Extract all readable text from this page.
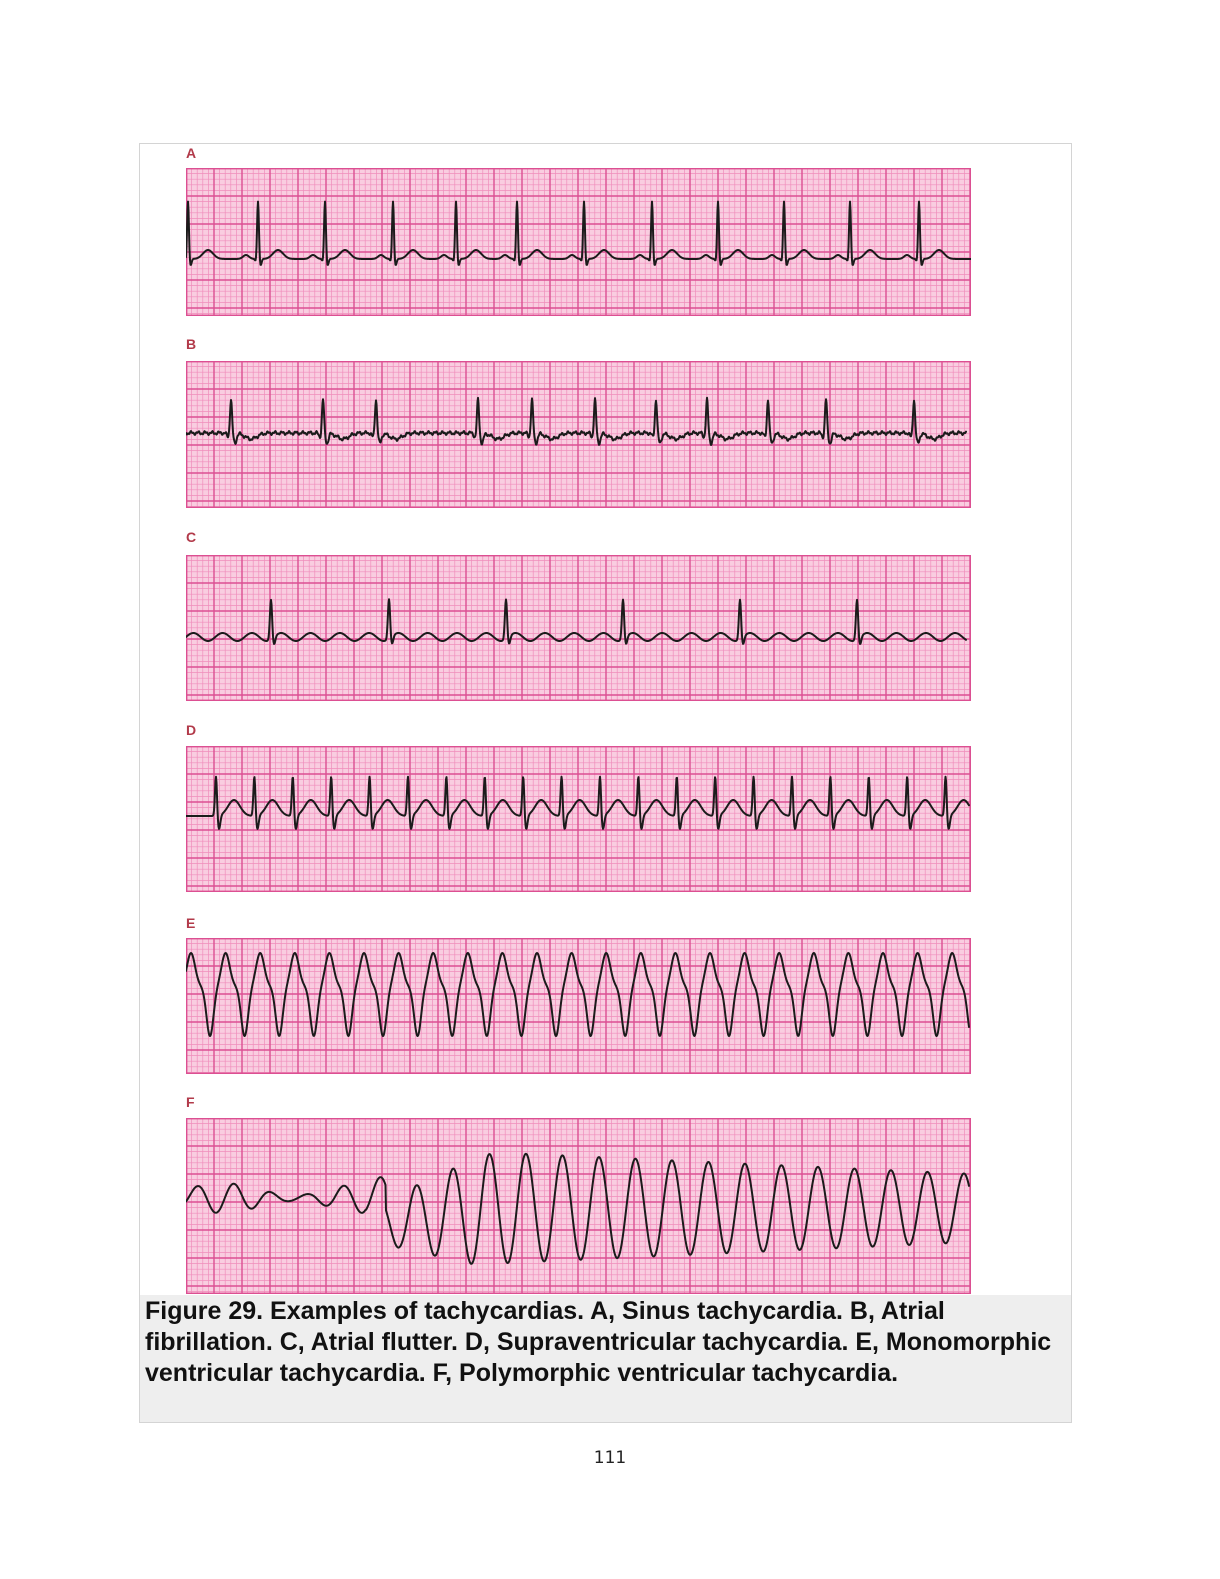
A
B
C
D
E
F

Figure 29. Examples of tachycardias. A, Sinus tachycardia. B, Atrial fibrillation. C, Atrial flutter. D, Supraventricular tachycardia. E, Monomorphic ventricular tachycardia. F, Polymorphic ventricular tachycardia.

111
